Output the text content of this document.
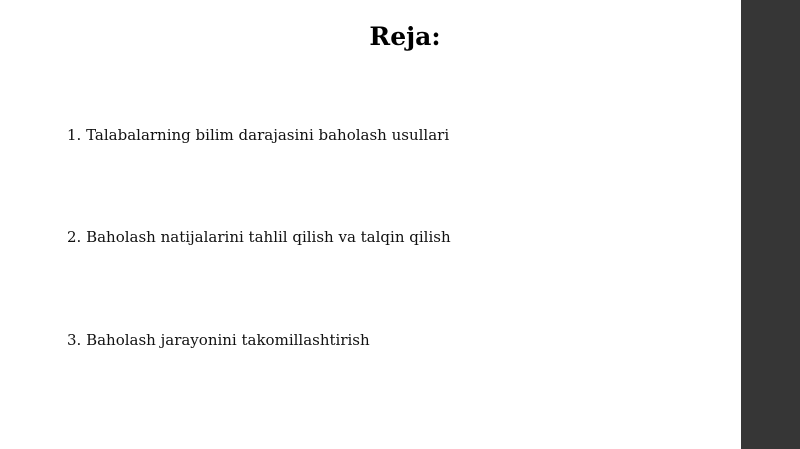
Reja:
1. Talabalarning bilim darajasini baholash usullari
2. Baholash natijalarini tahlil qilish va talqin qilish
3. Baholash jarayonini takomillashtirish
